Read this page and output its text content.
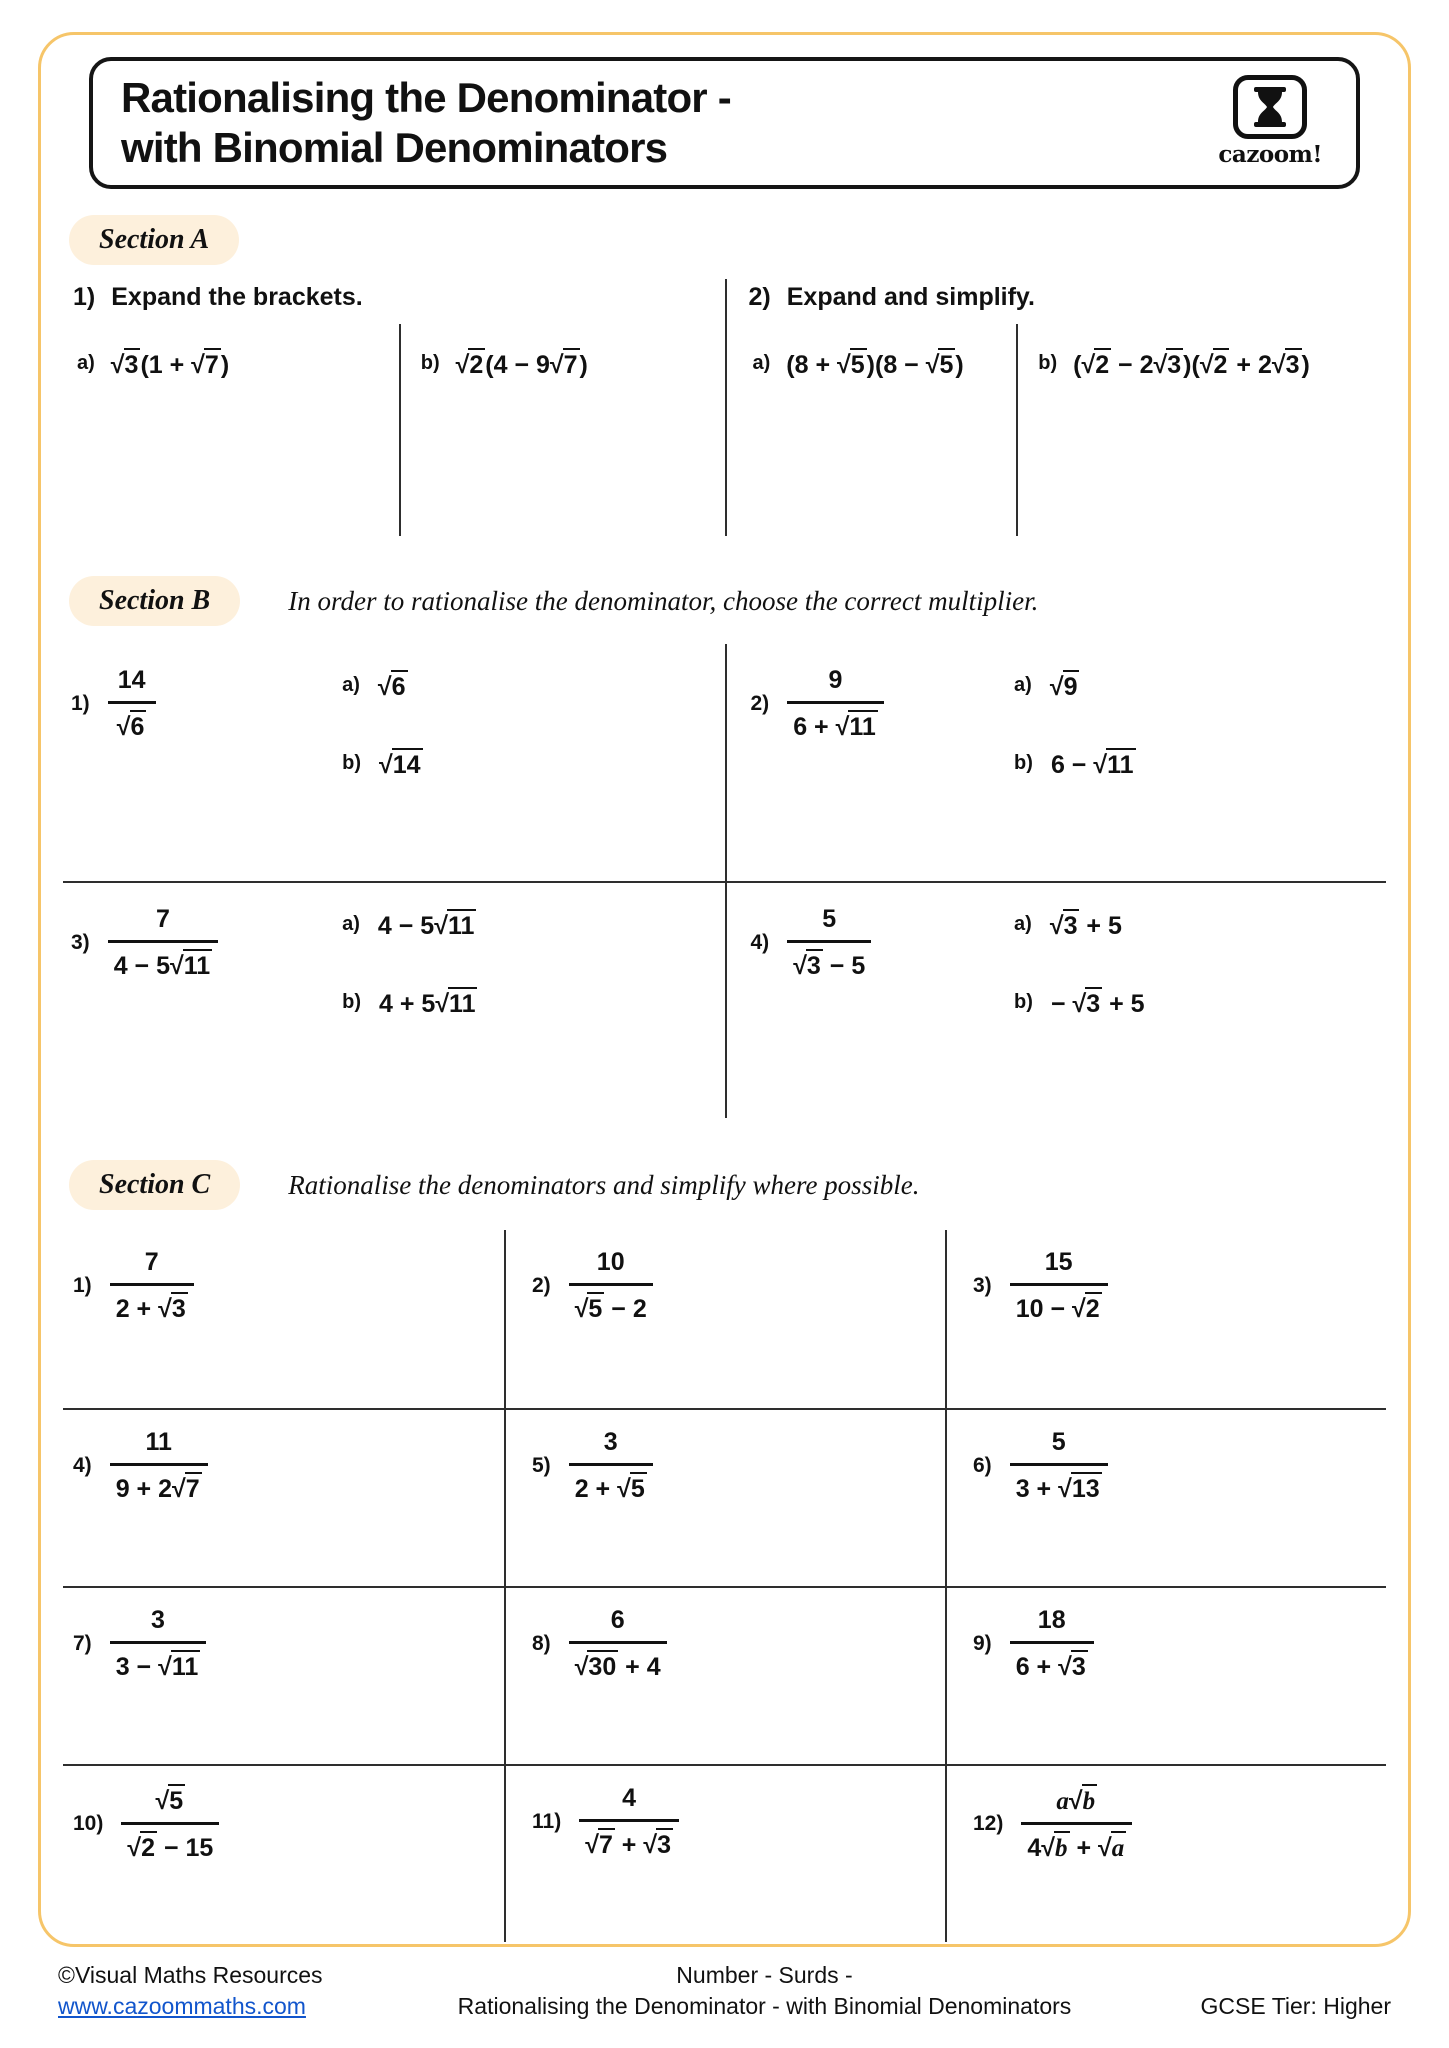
Rationalising the Denominator -
with Binomial Denominators	cazoom!
Section A
1) Expand the brackets.
a) √3(1 + √7)	b) √2(4 − 9√7)
2) Expand and simplify.
a) (8 + √5)(8 − √5)	b) (√2 − 2√3)(√2 + 2√3)
Section B	In order to rationalise the denominator, choose the correct multiplier.
$1) \frac{14}{√6}$	a) √6
b) √14
$2) \frac{9}{6 + √11}$	a) √9
b) 6 − √11
$3) \frac{7}{4 - 5√11}$	a) 4 − 5√11
b) 4 + 5√11
$4) \frac{5}{√3 - 5}$	a) √3 + 5
b) − √3 + 5
Section C	Rationalise the denominators and simplify where possible.
$1) \frac{7}{2 + √3}$	$2) \frac{10}{√5 - 2}$	$3) \frac{15}{10 - √2}$
$4) \frac{11}{9 + 2√7}$	$5) \frac{3}{2 + √5}$	$6) \frac{5}{3 + √13}$
$7) \frac{3}{3 - √11}$	$8) \frac{6}{√30 + 4}$	$9) \frac{18}{6 + √3}$
$10) \frac{√5}{√2 - 15}$	$11) \frac{4}{√7 + √3}$	$12) \frac{a√b}{4√b + √a}$
©Visual Maths Resources
www.cazoommaths.com
Number - Surds -
Rationalising the Denominator - with Binomial Denominators	GCSE Tier: Higher
